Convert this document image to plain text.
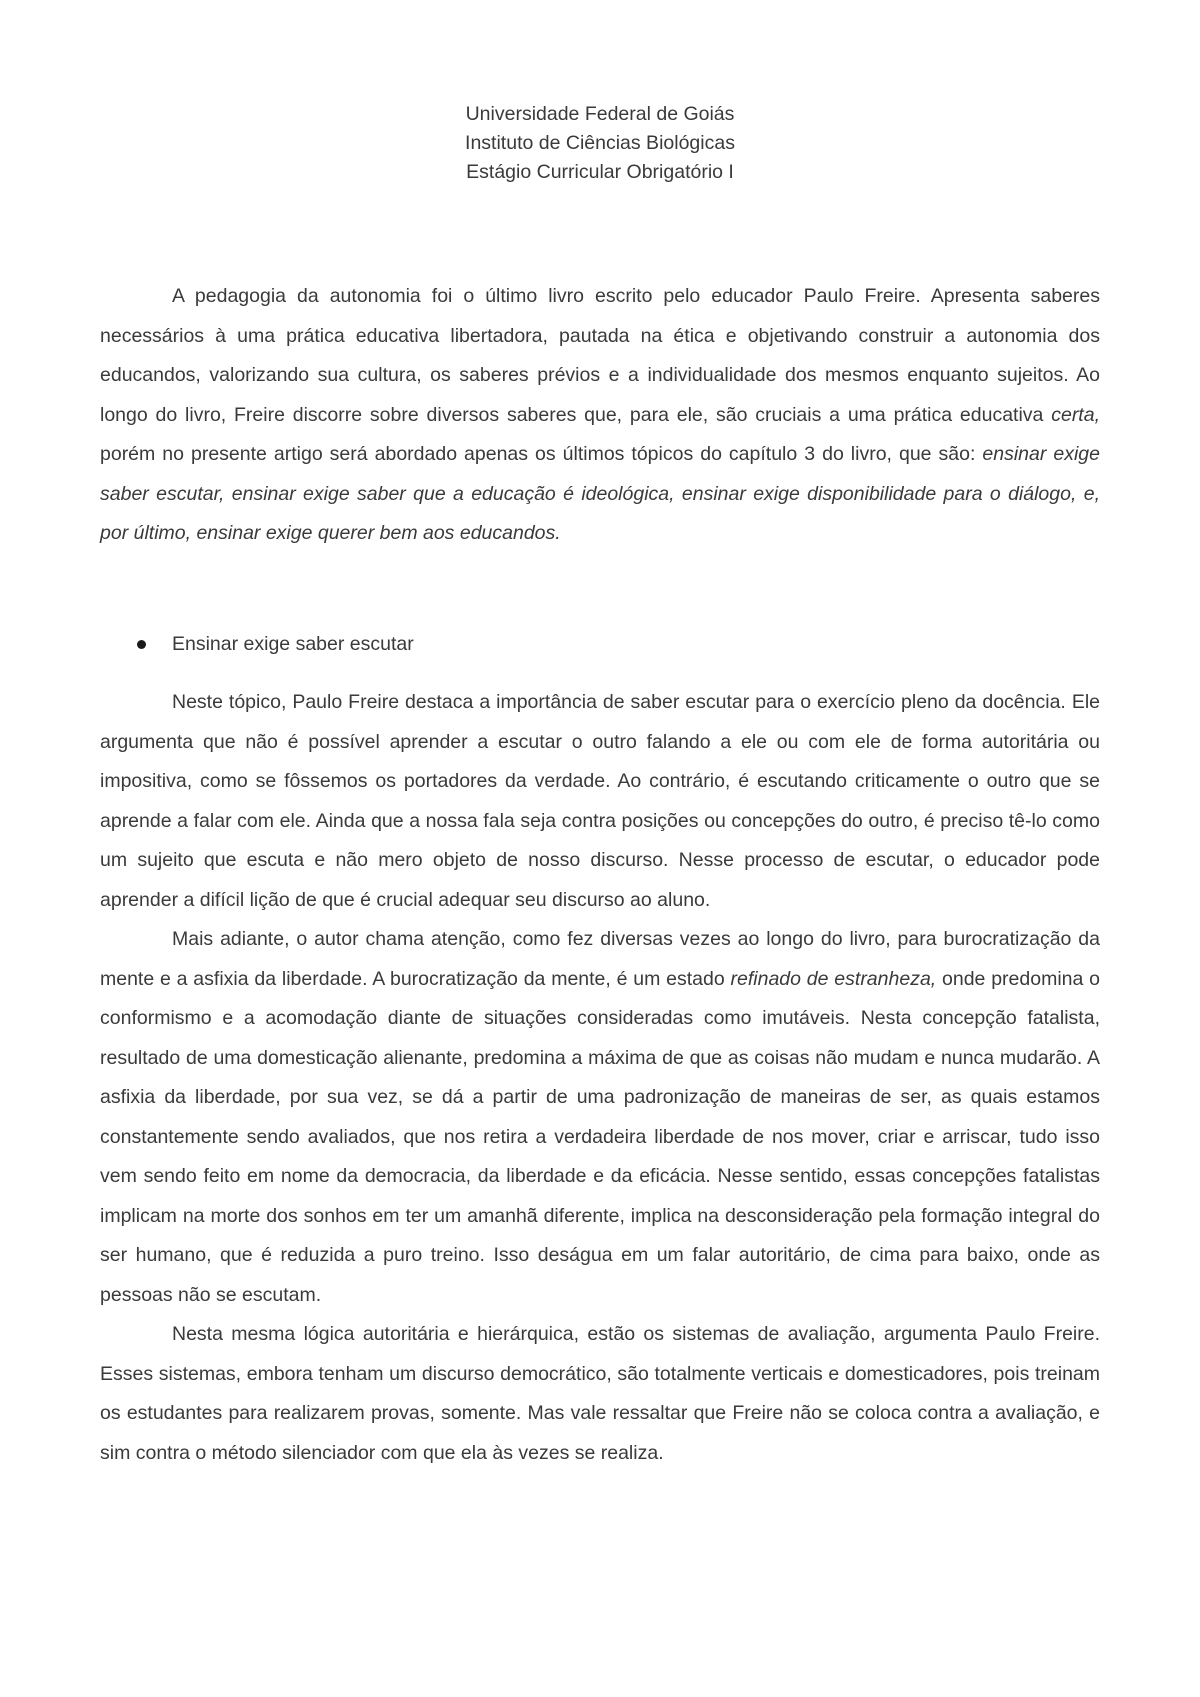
Universidade Federal de Goiás
Instituto de Ciências Biológicas
Estágio Curricular Obrigatório I

A pedagogia da autonomia foi o último livro escrito pelo educador Paulo Freire. Apresenta saberes necessários à uma prática educativa libertadora, pautada na ética e objetivando construir a autonomia dos educandos, valorizando sua cultura, os saberes prévios e a individualidade dos mesmos enquanto sujeitos. Ao longo do livro, Freire discorre sobre diversos saberes que, para ele, são cruciais a uma prática educativa certa, porém no presente artigo será abordado apenas os últimos tópicos do capítulo 3 do livro, que são: ensinar exige saber escutar, ensinar exige saber que a educação é ideológica, ensinar exige disponibilidade para o diálogo, e, por último, ensinar exige querer bem aos educandos.

Ensinar exige saber escutar

Neste tópico, Paulo Freire destaca a importância de saber escutar para o exercício pleno da docência. Ele argumenta que não é possível aprender a escutar o outro falando a ele ou com ele de forma autoritária ou impositiva, como se fôssemos os portadores da verdade. Ao contrário, é escutando criticamente o outro que se aprende a falar com ele. Ainda que a nossa fala seja contra posições ou concepções do outro, é preciso tê-lo como um sujeito que escuta e não mero objeto de nosso discurso. Nesse processo de escutar, o educador pode aprender a difícil lição de que é crucial adequar seu discurso ao aluno.

Mais adiante, o autor chama atenção, como fez diversas vezes ao longo do livro, para burocratização da mente e a asfixia da liberdade. A burocratização da mente, é um estado refinado de estranheza, onde predomina o conformismo e a acomodação diante de situações consideradas como imutáveis. Nesta concepção fatalista, resultado de uma domesticação alienante, predomina a máxima de que as coisas não mudam e nunca mudarão. A asfixia da liberdade, por sua vez, se dá a partir de uma padronização de maneiras de ser, as quais estamos constantemente sendo avaliados, que nos retira a verdadeira liberdade de nos mover, criar e arriscar, tudo isso vem sendo feito em nome da democracia, da liberdade e da eficácia. Nesse sentido, essas concepções fatalistas implicam na morte dos sonhos em ter um amanhã diferente, implica na desconsideração pela formação integral do ser humano, que é reduzida a puro treino. Isso deságua em um falar autoritário, de cima para baixo, onde as pessoas não se escutam.

Nesta mesma lógica autoritária e hierárquica, estão os sistemas de avaliação, argumenta Paulo Freire. Esses sistemas, embora tenham um discurso democrático, são totalmente verticais e domesticadores, pois treinam os estudantes para realizarem provas, somente. Mas vale ressaltar que Freire não se coloca contra a avaliação, e sim contra o método silenciador com que ela às vezes se realiza.
